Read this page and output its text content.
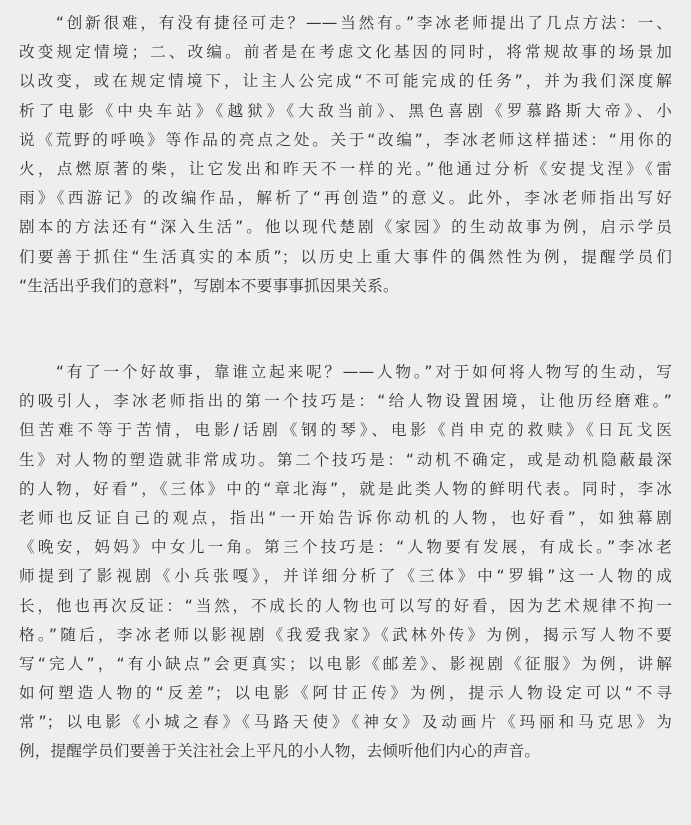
　　“创新很难，有没有捷径可走？——当然有。”李冰老师提出了几点方法：一、
改变规定情境；二、改编。前者是在考虑文化基因的同时，将常规故事的场景加
以改变，或在规定情境下，让主人公完成“不可能完成的任务”，并为我们深度解
析了电影《中央车站》《越狱》《大敌当前》、黑色喜剧《罗慕路斯大帝》、小
说《荒野的呼唤》等作品的亮点之处。关于“改编”，李冰老师这样描述：“用你的
火，点燃原著的柴，让它发出和昨天不一样的光。”他通过分析《安提戈涅》《雷
雨》《西游记》的改编作品，解析了“再创造”的意义。此外，李冰老师指出写好
剧本的方法还有“深入生活”。他以现代楚剧《家园》的生动故事为例，启示学员
们要善于抓住“生活真实的本质”；以历史上重大事件的偶然性为例，提醒学员们
“生活出乎我们的意料”，写剧本不要事事抓因果关系。

　　“有了一个好故事，靠谁立起来呢？——人物。”对于如何将人物写的生动，写
的吸引人，李冰老师指出的第一个技巧是：“给人物设置困境，让他历经磨难。”
但苦难不等于苦情，电影/话剧《钢的琴》、电影《肖申克的救赎》《日瓦戈医
生》对人物的塑造就非常成功。第二个技巧是：“动机不确定，或是动机隐蔽最深
的人物，好看”，《三体》中的“章北海”，就是此类人物的鲜明代表。同时，李冰
老师也反证自己的观点，指出“一开始告诉你动机的人物，也好看”，如独幕剧
《晚安，妈妈》中女儿一角。第三个技巧是：“人物要有发展，有成长。”李冰老
师提到了影视剧《小兵张嘎》，并详细分析了《三体》中“罗辑”这一人物的成
长，他也再次反证：“当然，不成长的人物也可以写的好看，因为艺术规律不拘一
格。”随后，李冰老师以影视剧《我爱我家》《武林外传》为例，揭示写人物不要
写“完人”，“有小缺点”会更真实；以电影《邮差》、影视剧《征服》为例，讲解
如何塑造人物的“反差”；以电影《阿甘正传》为例，提示人物设定可以“不寻
常”；以电影《小城之春》《马路天使》《神女》及动画片《玛丽和马克思》为
例，提醒学员们要善于关注社会上平凡的小人物，去倾听他们内心的声音。
